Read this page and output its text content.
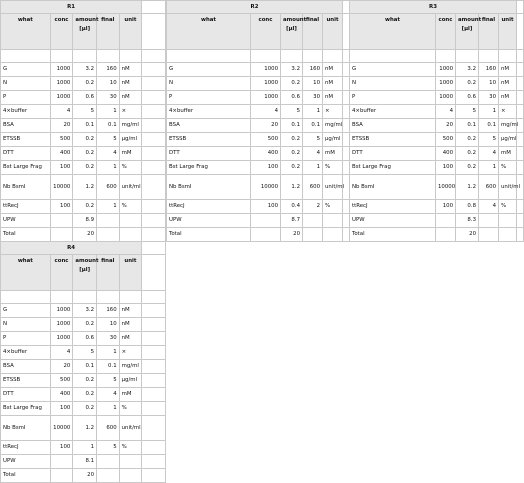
R1					
what	conc	amount [µl]	final	unit	

G	1000	3.2	160	nM	
N	1000	0.2	10	nM	
P	1000	0.6	30	nM	
4×buffer	4	5	1	×	
BSA	20	0.1	0.1	mg/ml	
ETSSB	500	0.2	5	µg/ml	
DTT	400	0.2	4	mM	
Bst Large Frag	100	0.2	1	%	
Nb BsmI	10000	1.2	600	unit/ml	
ttRecJ	100	0.2	1	%	
UPW		8.9			
Total		20			
R2					
what	conc	amount [µl]	final	unit	

G	1000	3.2	160	nM	
N	1000	0.2	10	nM	
P	1000	0.6	30	nM	
4×buffer	4	5	1	×	
BSA	20	0.1	0.1	mg/ml	
ETSSB	500	0.2	5	µg/ml	
DTT	400	0.2	4	mM	
Bst Large Frag	100	0.2	1	%	
Nb BsmI	10000	1.2	600	unit/ml	
ttRecJ	100	0.4	2	%	
UPW		8.7			
Total		20			
R3					
what	conc	amount [µl]	final	unit	

G	1000	3.2	160	nM	
N	1000	0.2	10	nM	
P	1000	0.6	30	nM	
4×buffer	4	5	1	×	
BSA	20	0.1	0.1	mg/ml	
ETSSB	500	0.2	5	µg/ml	
DTT	400	0.2	4	mM	
Bst Large Frag	100	0.2	1	%	
Nb BsmI	10000	1.2	600	unit/ml	
ttRecJ	100	0.8	4	%	
UPW		8.3			
Total		20			
R4					
what	conc	amount [µl]	final	unit	

G	1000	3.2	160	nM	
N	1000	0.2	10	nM	
P	1000	0.6	30	nM	
4×buffer	4	5	1	×	
BSA	20	0.1	0.1	mg/ml	
ETSSB	500	0.2	5	µg/ml	
DTT	400	0.2	4	mM	
Bst Large Frag	100	0.2	1	%	
Nb BsmI	10000	1.2	600	unit/ml	
ttRecJ	100	1	5	%	
UPW		8.1			
Total		20			
